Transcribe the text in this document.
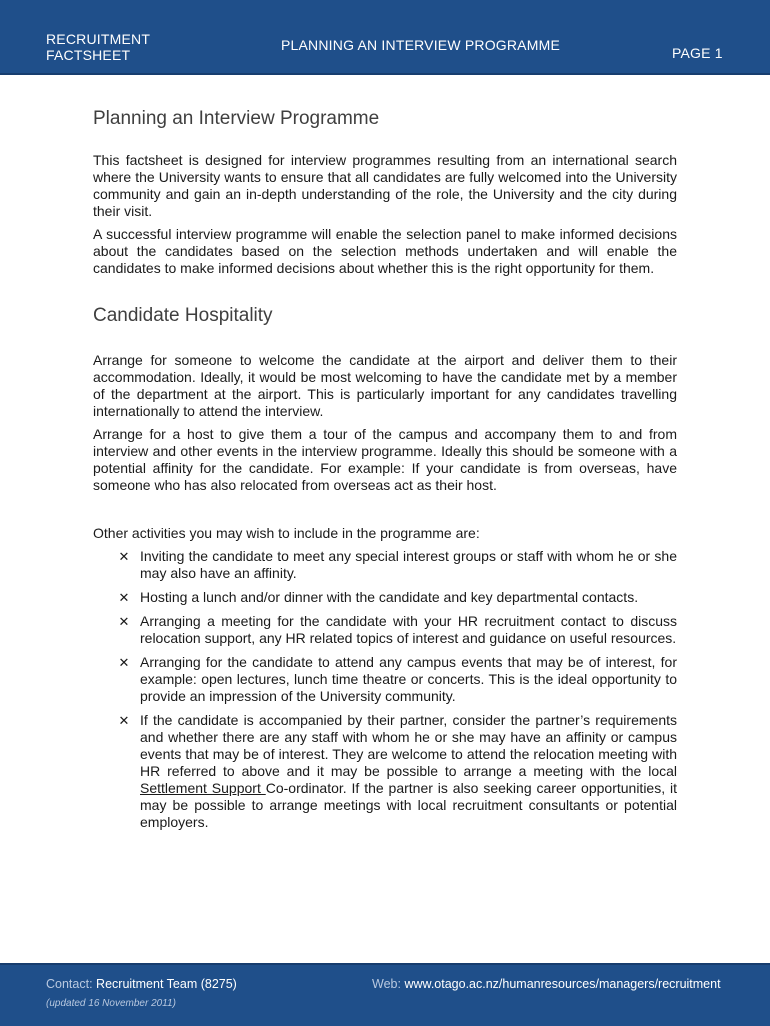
RECRUITMENT
FACTSHEET
PLANNING AN INTERVIEW PROGRAMME	PAGE 1
Planning an Interview Programme

This factsheet is designed for interview programmes resulting from an international search where the University wants to ensure that all candidates are fully welcomed into the University community and gain an in-depth understanding of the role, the University and the city during their visit.

A successful interview programme will enable the selection panel to make informed decisions about the candidates based on the selection methods undertaken and will enable the candidates to make informed decisions about whether this is the right opportunity for them.

Candidate Hospitality

Arrange for someone to welcome the candidate at the airport and deliver them to their accommodation. Ideally, it would be most welcoming to have the candidate met by a member of the department at the airport. This is particularly important for any candidates travelling internationally to attend the interview.

Arrange for a host to give them a tour of the campus and accompany them to and from interview and other events in the interview programme. Ideally this should be someone with a potential affinity for the candidate. For example: If your candidate is from overseas, have someone who has also relocated from overseas act as their host.

Other activities you may wish to include in the programme are:

✕ Inviting the candidate to meet any special interest groups or staff with whom he or she may also have an affinity.
✕ Hosting a lunch and/or dinner with the candidate and key departmental contacts.
✕ Arranging a meeting for the candidate with your HR recruitment contact to discuss relocation support, any HR related topics of interest and guidance on useful resources.
✕ Arranging for the candidate to attend any campus events that may be of interest, for example: open lectures, lunch time theatre or concerts. This is the ideal opportunity to provide an impression of the University community.
✕ If the candidate is accompanied by their partner, consider the partner’s requirements and whether there are any staff with whom he or she may have an affinity or campus events that may be of interest. They are welcome to attend the relocation meeting with HR referred to above and it may be possible to arrange a meeting with the local Settlement Support Co-ordinator. If the partner is also seeking career opportunities, it may be possible to arrange meetings with local recruitment consultants or potential employers.
Contact: Recruitment Team (8275)	Web: www.otago.ac.nz/humanresources/managers/recruitment
(updated 16 November 2011)
